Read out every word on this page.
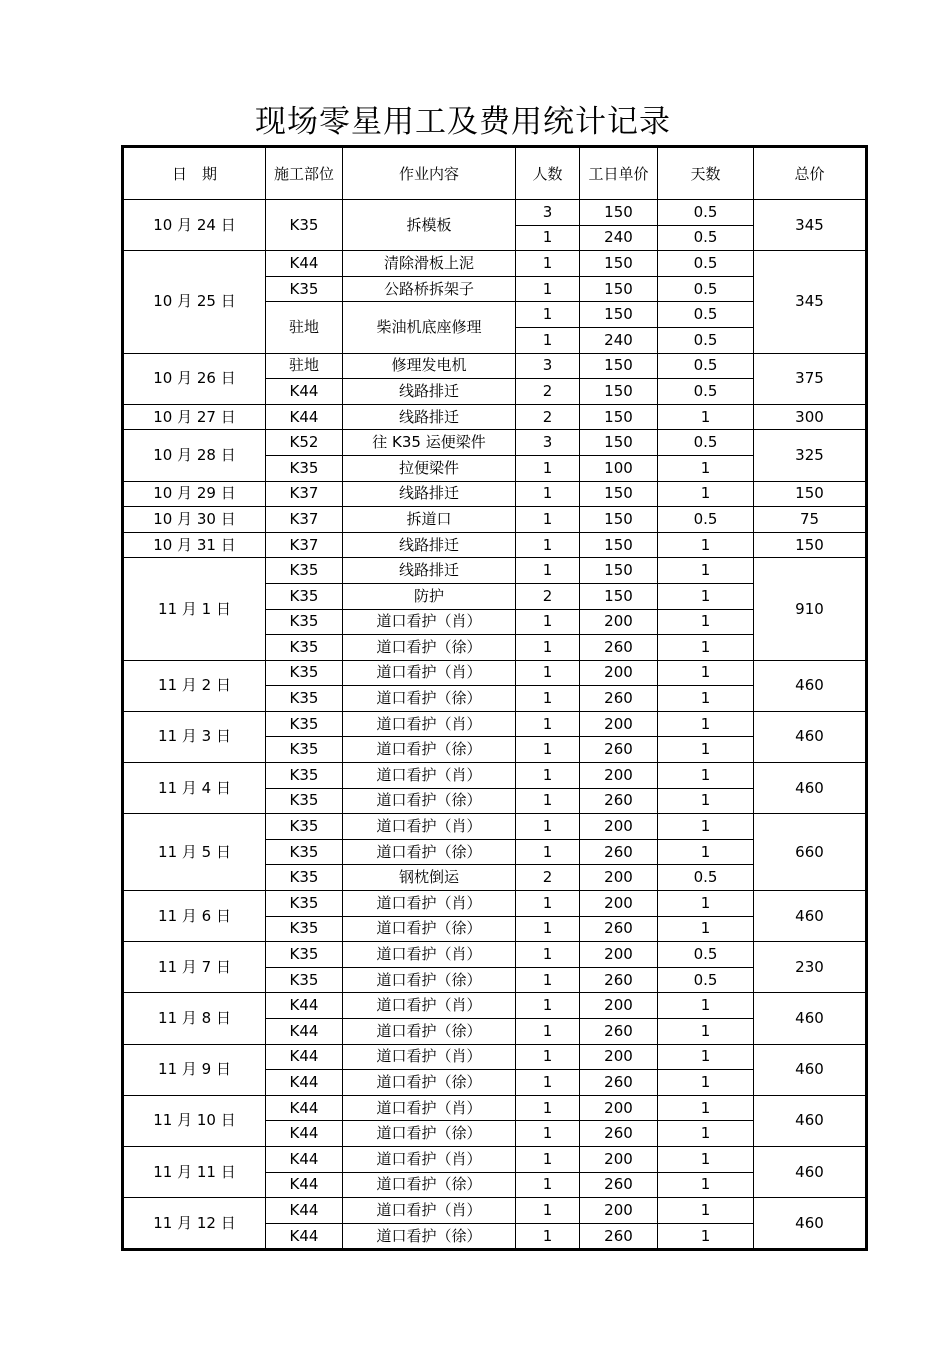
现场零星用工及费用统计记录
日　期	施工部位	作业内容	人数	工日单价	天数	总价
10 月 24 日	K35	拆模板	3	150	0.5	345
			1	240	0.5	
10 月 25 日	K44	清除滑板上泥	1	150	0.5	345
	K35	公路桥拆架子	1	150	0.5	
	驻地	柴油机底座修理	1	150	0.5	
			1	240	0.5	
10 月 26 日	驻地	修理发电机	3	150	0.5	375
	K44	线路排迁	2	150	0.5	
10 月 27 日	K44	线路排迁	2	150	1	300
10 月 28 日	K52	往 K35 运便梁件	3	150	0.5	325
	K35	拉便梁件	1	100	1	
10 月 29 日	K37	线路排迁	1	150	1	150
10 月 30 日	K37	拆道口	1	150	0.5	75
10 月 31 日	K37	线路排迁	1	150	1	150
11 月 1 日	K35	线路排迁	1	150	1	910
	K35	防护	2	150	1	
	K35	道口看护（肖）	1	200	1	
	K35	道口看护（徐）	1	260	1	
11 月 2 日	K35	道口看护（肖）	1	200	1	460
	K35	道口看护（徐）	1	260	1	
11 月 3 日	K35	道口看护（肖）	1	200	1	460
	K35	道口看护（徐）	1	260	1	
11 月 4 日	K35	道口看护（肖）	1	200	1	460
	K35	道口看护（徐）	1	260	1	
11 月 5 日	K35	道口看护（肖）	1	200	1	660
	K35	道口看护（徐）	1	260	1	
	K35	钢枕倒运	2	200	0.5	
11 月 6 日	K35	道口看护（肖）	1	200	1	460
	K35	道口看护（徐）	1	260	1	
11 月 7 日	K35	道口看护（肖）	1	200	0.5	230
	K35	道口看护（徐）	1	260	0.5	
11 月 8 日	K44	道口看护（肖）	1	200	1	460
	K44	道口看护（徐）	1	260	1	
11 月 9 日	K44	道口看护（肖）	1	200	1	460
	K44	道口看护（徐）	1	260	1	
11 月 10 日	K44	道口看护（肖）	1	200	1	460
	K44	道口看护（徐）	1	260	1	
11 月 11 日	K44	道口看护（肖）	1	200	1	460
	K44	道口看护（徐）	1	260	1	
11 月 12 日	K44	道口看护（肖）	1	200	1	460
	K44	道口看护（徐）	1	260	1	
